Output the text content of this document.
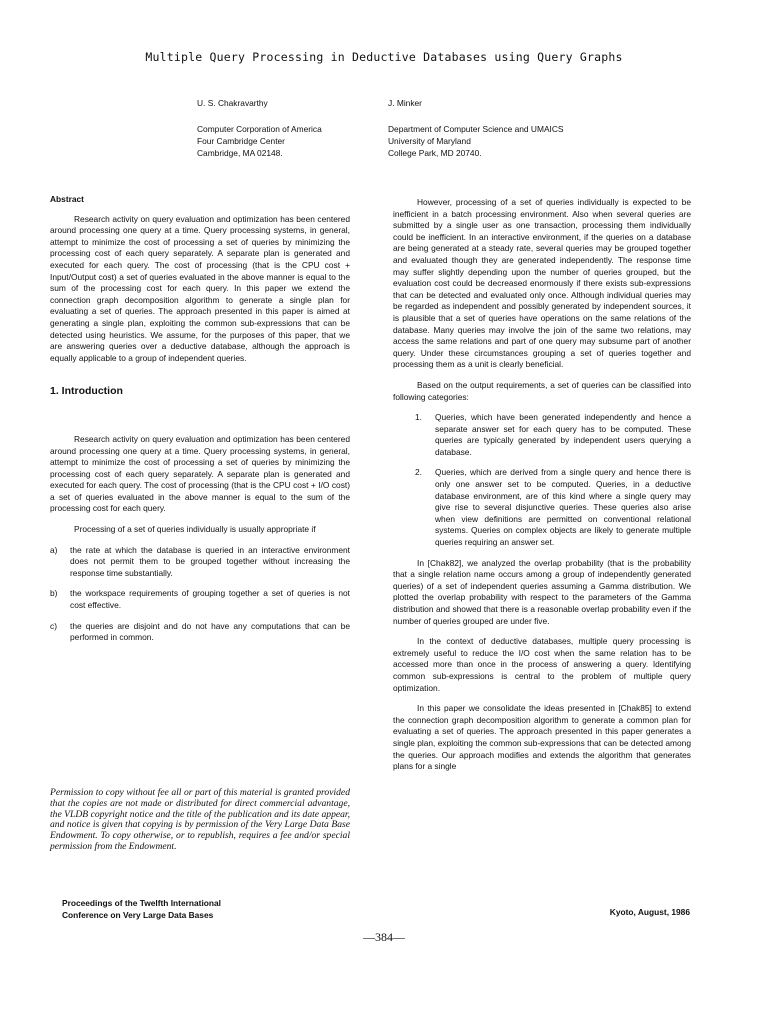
Multiple Query Processing in Deductive Databases using Query Graphs
U. S. Chakravarthy
Computer Corporation of America
Four Cambridge Center
Cambridge, MA 02148.
J. Minker
Department of Computer Science and UMAICS
University of Maryland
College Park, MD 20740.
Abstract

Research activity on query evaluation and optimization has been centered around processing one query at a time. Query processing systems, in general, attempt to minimize the cost of processing a set of queries by minimizing the processing cost of each query separately. A separate plan is generated and executed for each query. The cost of processing (that is the CPU cost + Input/Output cost) a set of queries evaluated in the above manner is equal to the sum of the processing cost for each query. In this paper we extend the connection graph decomposition algorithm to generate a single plan for evaluating a set of queries. The approach presented in this paper is aimed at generating a single plan, exploiting the common sub-expressions that can be detected using heuristics. We assume, for the purposes of this paper, that we are answering queries over a deductive database, although the approach is equally applicable to a group of independent queries.

1. Introduction

Research activity on query evaluation and optimization has been centered around processing one query at a time. Query processing systems, in general, attempt to minimize the cost of processing a set of queries by minimizing the processing cost of each query separately. A separate plan is generated and executed for each query. The cost of processing (that is the CPU cost + I/O cost) a set of queries evaluated in the above manner is equal to the sum of the processing cost for each query.

Processing of a set of queries individually is usually appropriate if

a)	the rate at which the database is queried in an interactive environment does not permit them to be grouped together without increasing the response time substantially.
b)	the workspace requirements of grouping together a set of queries is not cost effective.
c)	the queries are disjoint and do not have any computations that can be performed in common.
Permission to copy without fee all or part of this material is granted provided that the copies are not made or distributed for direct commercial advantage, the VLDB copyright notice and the title of the publication and its date appear, and notice is given that copying is by permission of the Very Large Data Base Endowment. To copy otherwise, or to republish, requires a fee and/or special permission from the Endowment.

However, processing of a set of queries individually is expected to be inefficient in a batch processing environment. Also when several queries are submitted by a single user as one transaction, processing them individually could be inefficient. In an interactive environment, if the queries on a database are being generated at a steady rate, several queries may be grouped together and evaluated though they are generated independently. The response time may suffer slightly depending upon the number of queries grouped, but the evaluation cost could be decreased enormously if there exists sub-expressions that can be detected and evaluated only once. Although individual queries may be regarded as independent and possibly generated by independent sources, it is plausible that a set of queries have operations on the same relations of the database. Many queries may involve the join of the same two relations, may access the same relations and part of one query may subsume part of another query. Under these circumstances grouping a set of queries together and processing them as a unit is clearly beneficial.

Based on the output requirements, a set of queries can be classified into following categories:

1.	Queries, which have been generated independently and hence a separate answer set for each query has to be computed. These queries are typically generated by independent users querying a database.
2.	Queries, which are derived from a single query and hence there is only one answer set to be computed. Queries, in a deductive database environment, are of this kind where a single query may give rise to several disjunctive queries. These queries also arise when view definitions are permitted on conventional relational systems. Queries on complex objects are likely to generate multiple queries requiring an answer set.

In [Chak82], we analyzed the overlap probability (that is the probability that a single relation name occurs among a group of independently generated queries) of a set of independent queries assuming a Gamma distribution. We plotted the overlap probability with respect to the parameters of the Gamma distribution and showed that there is a reasonable overlap probability even if the number of queries grouped are under five.

In the context of deductive databases, multiple query processing is extremely useful to reduce the I/O cost when the same relation has to be accessed more than once in the process of answering a query. Identifying common sub-expressions is central to the problem of multiple query optimization.

In this paper we consolidate the ideas presented in [Chak85] to extend the connection graph decomposition algorithm to generate a common plan for evaluating a set of queries. The approach presented in this paper generates a single plan, exploiting the common sub-expressions that can be detected among the queries. Our approach modifies and extends the algorithm that generates plans for a single

Proceedings of the Twelfth International
Conference on Very Large Data Bases	Kyoto, August, 1986
—384—
